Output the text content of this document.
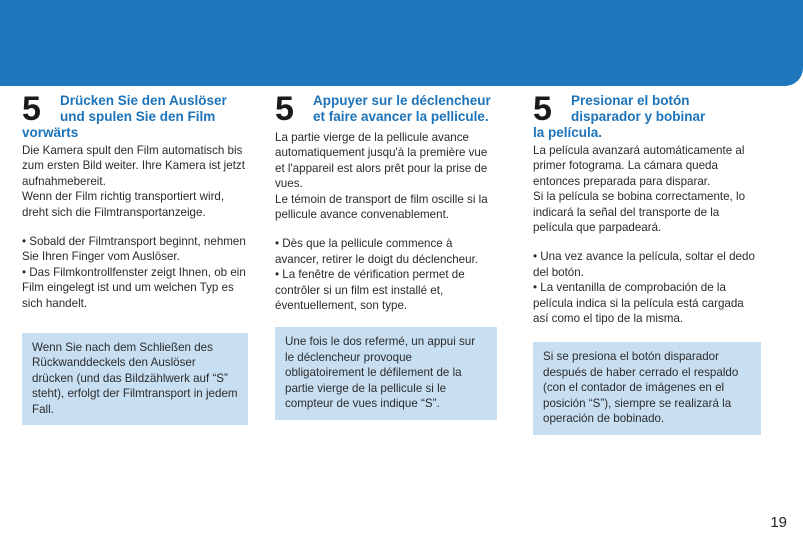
5	Drücken Sie den Auslöser
und spulen Sie den Film
vorwärts

Die Kamera spult den Film automatisch bis zum ersten Bild weiter. Ihre Kamera ist jetzt aufnahmebereit.

Wenn der Film richtig transportiert wird, dreht sich die Filmtransportanzeige.

• Sobald der Filmtransport beginnt, nehmen Sie Ihren Finger vom Auslöser.

• Das Filmkontrollfenster zeigt Ihnen, ob ein Film eingelegt ist und um welchen Typ es sich handelt.

Wenn Sie nach dem Schließen des Rückwanddeckels den Auslöser drücken (und das Bildzählwerk auf “S” steht), erfolgt der Filmtransport in jedem Fall.
5	Appuyer sur le déclencheur
et faire avancer la pellicule.

La partie vierge de la pellicule avance automatiquement jusqu'à la première vue et l'appareil est alors prêt pour la prise de vues.

Le témoin de transport de film oscille si la pellicule avance convenablement.

• Dès que la pellicule commence à avancer, retirer le doigt du déclencheur.

• La fenêtre de vérification permet de contrôler si un film est installé et, éventuellement, son type.

Une fois le dos refermé, un appui sur le déclencheur provoque obligatoirement le défilement de la partie vierge de la pellicule si le compteur de vues indique “S”.
5	Presionar el botón
disparador y bobinar
la película.

La película avanzará automáticamente al primer fotograma. La cámara queda entonces preparada para disparar.

Si la película se bobina correctamente, lo indicará la señal del transporte de la película que parpadeará.

• Una vez avance la película, soltar el dedo del botón.

• La ventanilla de comprobación de la película indica si la película está cargada así como el tipo de la misma.

Si se presiona el botón disparador después de haber cerrado el respaldo (con el contador de imágenes en el posición “S”), siempre se realizará la operación de bobinado.
19
